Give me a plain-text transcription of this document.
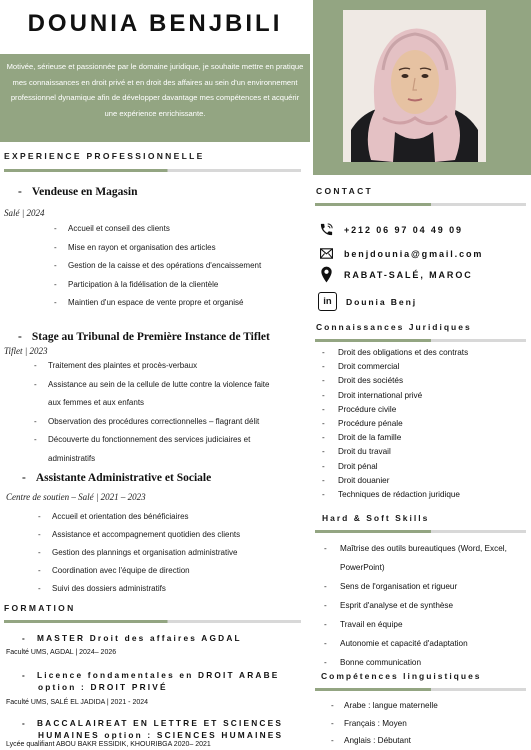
DOUNIA BENJBILI

Motivée, sérieuse et passionnée par le domaine juridique, je souhaite mettre en pratique mes connaissances en droit privé et en droit des affaires au sein d'un environnement professionnel dynamique afin de développer davantage mes compétences et acquérir une expérience enrichissante.

EXPERIENCE PROFESSIONNELLE
- Vendeuse en Magasin
Salé | 2024
- Accueil et conseil des clients
- Mise en rayon et organisation des articles
- Gestion de la caisse et des opérations d'encaissement
- Participation à la fidélisation de la clientèle
- Maintien d'un espace de vente propre et organisé
- Stage au Tribunal de Première Instance de Tiflet
Tiflet | 2023
- Traitement des plaintes et procès-verbaux
- Assistance au sein de la cellule de lutte contre la violence faite
aux femmes et aux enfants
- Observation des procédures correctionnelles – flagrant délit
- Découverte du fonctionnement des services judiciaires et
administratifs
- Assistante Administrative et Sociale
Centre de soutien – Salé | 2021 – 2023
- Accueil et orientation des bénéficiaires
- Assistance et accompagnement quotidien des clients
- Gestion des plannings et organisation administrative
- Coordination avec l'équipe de direction
- Suivi des dossiers administratifs
FORMATION
- MASTER Droit des affaires AGDAL
Faculté UMS, AGDAL | 2024– 2026
- Licence fondamentales en DROIT ARABE
option : DROIT PRIVÉ
Faculté UMS, SALÉ EL JADIDA | 2021 - 2024
- BACCALAIREAT EN LETTRE ET SCIENCES
HUMAINES option : SCIENCES HUMAINES
Lycée qualifiant ABOU BAKR ESSIDIK, KHOURIBGA 2020– 2021
CONTACT
+212 06 97 04 49 09
benjdounia@gmail.com
RABAT-SALÉ, MAROC
in	Dounia Benj
Connaissances Juridiques
- Droit des obligations et des contrats
- Droit commercial
- Droit des sociétés
- Droit international privé
- Procédure civile
- Procédure pénale
- Droit de la famille
- Droit du travail
- Droit pénal
- Droit douanier
- Techniques de rédaction juridique
Hard & Soft Skills
- Maîtrise des outils bureautiques (Word, Excel,
PowerPoint)
- Sens de l'organisation et rigueur
- Esprit d'analyse et de synthèse
- Travail en équipe
- Autonomie et capacité d'adaptation
- Bonne communication
Compétences linguistiques
- Arabe : langue maternelle
- Français : Moyen
- Anglais : Débutant
